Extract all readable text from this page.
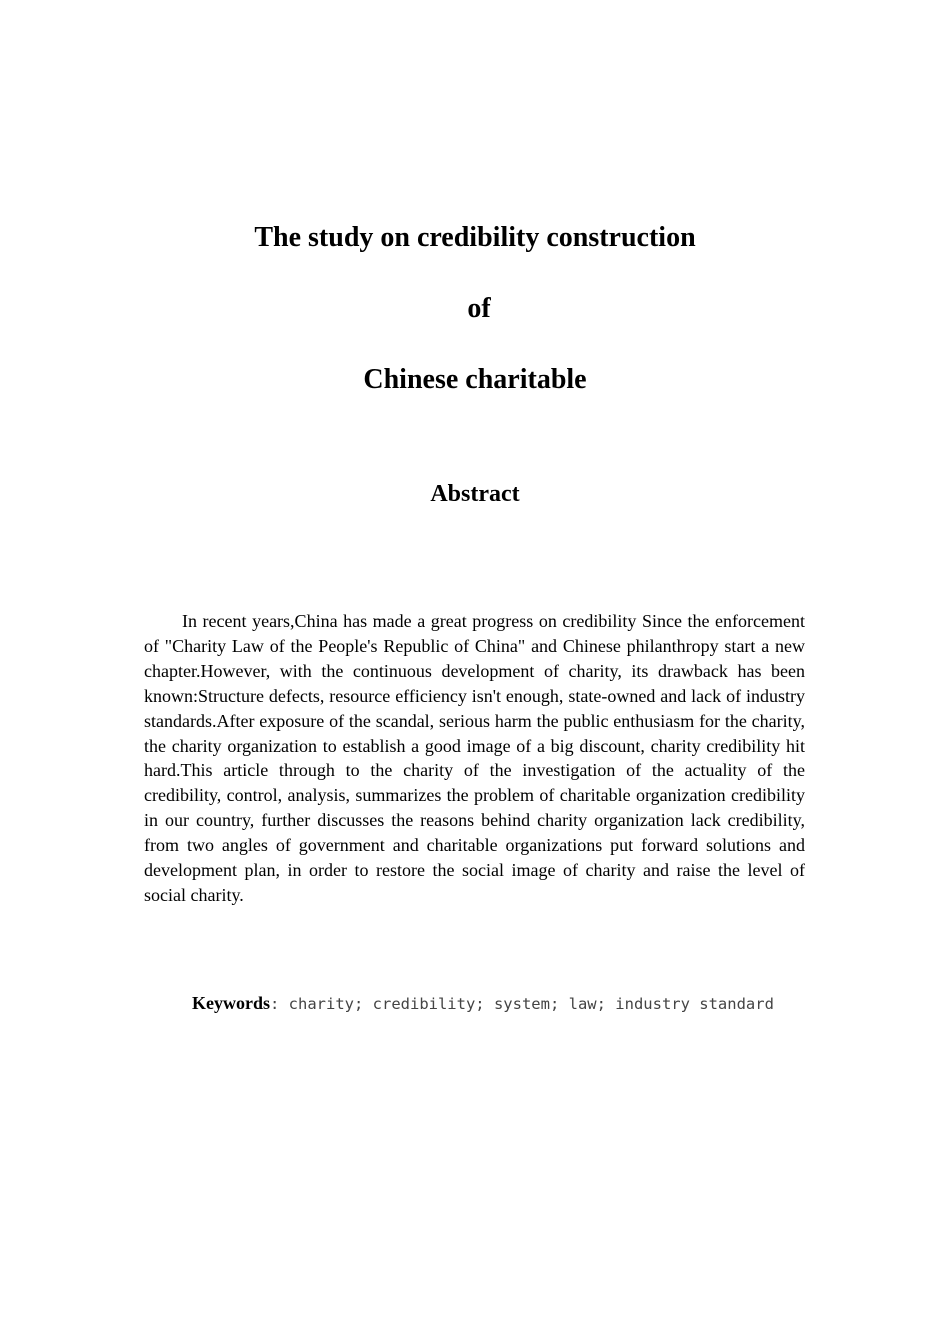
The study on credibility construction
of
Chinese charitable
Abstract

In recent years,China has made a great progress on credibility Since the enforcement of "Charity Law of the People's Republic of China" and Chinese philanthropy start a new chapter.However, with the continuous development of charity, its drawback has been known:Structure defects, resource efficiency isn't enough, state-owned and lack of industry standards.After exposure of the scandal, serious harm the public enthusiasm for the charity, the charity organization to establish a good image of a big discount, charity credibility hit hard.This article through to the charity of the investigation of the actuality of the credibility, control, analysis, summarizes the problem of charitable organization credibility in our country, further discusses the reasons behind charity organization lack credibility, from two angles of government and charitable organizations put forward solutions and development plan, in order to restore the social image of charity and raise the level of social charity.

Keywords: charity; credibility; system; law; industry standard
